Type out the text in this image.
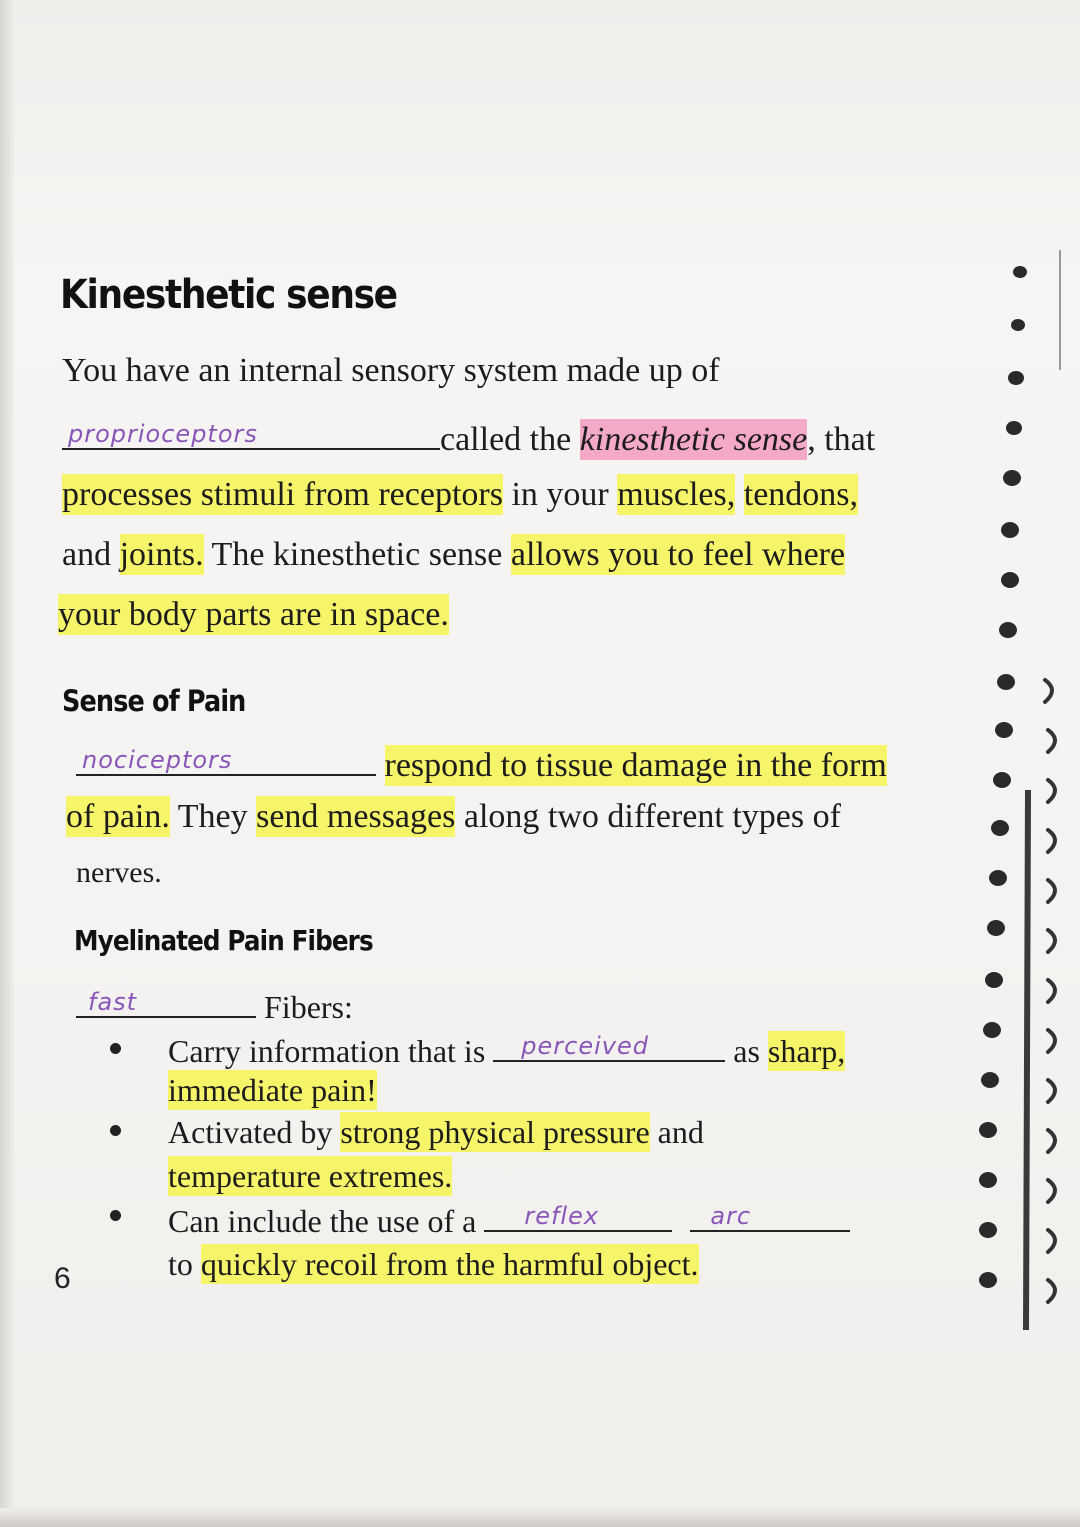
Kinesthetic sense
You have an internal sensory system made up of
proprioceptors	called the kinesthetic sense, that
processes stimuli from receptors in your muscles, tendons,
and joints. The kinesthetic sense allows you to feel where
your body parts are in space.
Sense of Pain
nociceptors	respond to tissue damage in the form
of pain. They send messages along two different types of
nerves.
Myelinated Pain Fibers
fast	Fibers:
Carry information that is perceived	as sharp,
immediate pain!
Activated by strong physical pressure and
temperature extremes.
Can include the use of a reflex
	arc
to quickly recoil from the harmful object.
6
